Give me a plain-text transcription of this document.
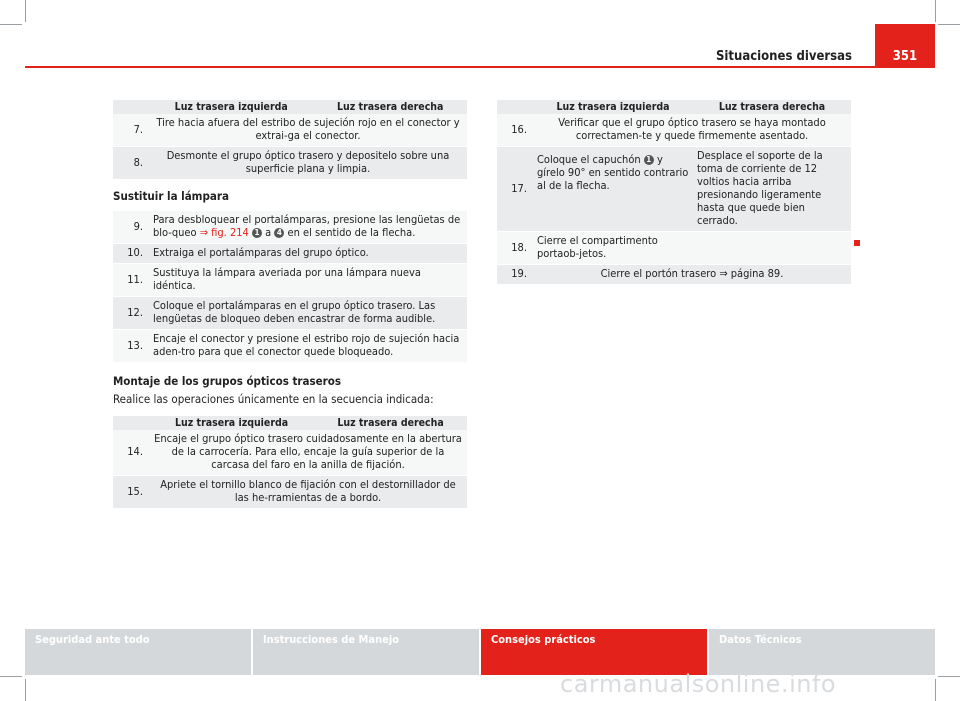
Situaciones diversas	351
	Luz trasera izquierda	Luz trasera derecha
7.	Tire hacia afuera del estribo de sujeción rojo en el conector y extrai-ga el conector.	
8.	Desmonte el grupo óptico trasero y depositelo sobre una superficie plana y limpia.	
Sustituir la lámpara
9.	Para desbloquear el portalámparas, presione las lengüetas de blo-queo ⇒ fig. 214 1 a 4 en el sentido de la flecha.
10.	Extraiga el portalámparas del grupo óptico.
11.	Sustituya la lámpara averiada por una lámpara nueva idéntica.
12.	Coloque el portalámparas en el grupo óptico trasero. Las lengüetas de bloqueo deben encastrar de forma audible.
13.	Encaje el conector y presione el estribo rojo de sujeción hacia aden-tro para que el conector quede bloqueado.
Montaje de los grupos ópticos traseros
Realice las operaciones únicamente en la secuencia indicada:
	Luz trasera izquierda	Luz trasera derecha
14.	Encaje el grupo óptico trasero cuidadosamente en la abertura de la carrocería. Para ello, encaje la guía superior de la carcasa del faro en la anilla de fijación.	
15.	Apriete el tornillo blanco de fijación con el destornillador de las he-rramientas de a bordo.	
	Luz trasera izquierda	Luz trasera derecha
16.	Verificar que el grupo óptico trasero se haya montado correctamen-te y quede firmemente asentado.	
17.	Coloque el capuchón 1 y gírelo 90° en sentido contrario al de la flecha.	Desplace el soporte de la toma de corriente de 12 voltios hacia arriba presionando ligeramente hasta que quede bien cerrado.
18.	Cierre el compartimento portaob-jetos.	
19.	Cierre el portón trasero ⇒ página 89.	
Seguridad ante todo	Instrucciones de Manejo	Consejos prácticos	Datos Técnicos
carmanualsonline.info
